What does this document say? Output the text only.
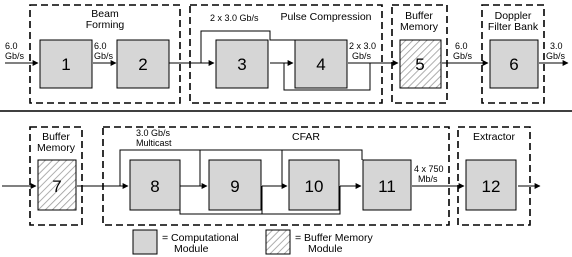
Beam
Forming
Pulse Compression	Buffer
Memory
Doppler
Filter Bank
2 x 3.0 Gb/s
6.0
Gb/s
6.0
Gb/s
2 x 3.0
Gb/s
6.0
Gb/s
3.0
Gb/s
1	2	3	4	5	6
Buffer
Memory
CFAR	Extractor
3.0 Gb/s
Multicast
4 x 750
Mb/s
7	8	9	10	11	12
= Computational
Module
= Buffer Memory
Module
